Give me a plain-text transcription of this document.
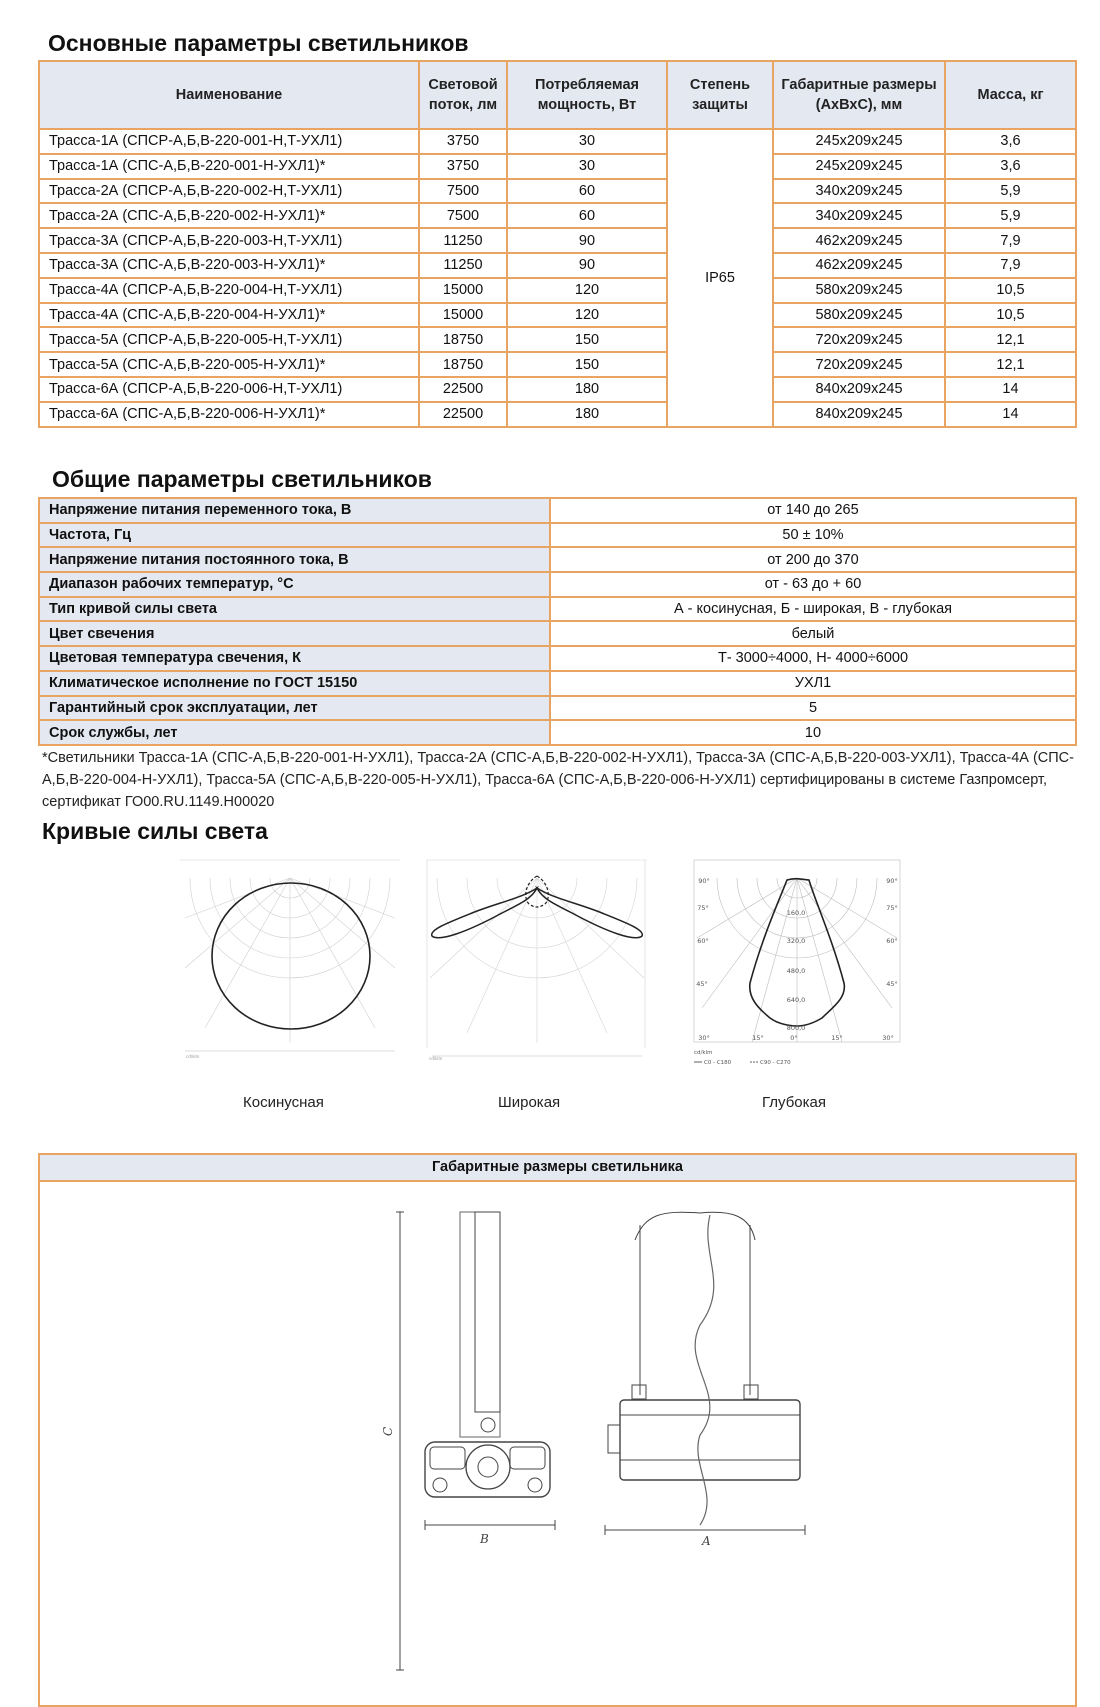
Основные параметры светильников
Наименование	Световой поток, лм	Потребляемая мощность, Вт	Степень защиты	Габаритные размеры (АхВхС), мм	Масса, кг
Трасса-1А (СПСР-А,Б,В-220-001-Н,Т-УХЛ1)	3750	30	IP65	245x209x245	3,6
Трасса-1А (СПС-А,Б,В-220-001-Н-УХЛ1)*	3750	30		245x209x245	3,6
Трасса-2А (СПСР-А,Б,В-220-002-Н,Т-УХЛ1)	7500	60		340x209x245	5,9
Трасса-2А (СПС-А,Б,В-220-002-Н-УХЛ1)*	7500	60		340x209x245	5,9
Трасса-3А (СПСР-А,Б,В-220-003-Н,Т-УХЛ1)	11250	90		462x209x245	7,9
Трасса-3А (СПС-А,Б,В-220-003-Н-УХЛ1)*	11250	90		462x209x245	7,9
Трасса-4А (СПСР-А,Б,В-220-004-Н,Т-УХЛ1)	15000	120		580x209x245	10,5
Трасса-4А (СПС-А,Б,В-220-004-Н-УХЛ1)*	15000	120		580x209x245	10,5
Трасса-5А (СПСР-А,Б,В-220-005-Н,Т-УХЛ1)	18750	150		720x209x245	12,1
Трасса-5А (СПС-А,Б,В-220-005-Н-УХЛ1)*	18750	150		720x209x245	12,1
Трасса-6А (СПСР-А,Б,В-220-006-Н,Т-УХЛ1)	22500	180		840x209x245	14
Трасса-6А (СПС-А,Б,В-220-006-Н-УХЛ1)*	22500	180		840x209x245	14
Общие параметры светильников
Напряжение питания переменного тока, В	от 140 до 265
Частота, Гц	50 ± 10%
Напряжение питания постоянного тока, В	от 200 до 370
Диапазон рабочих температур, °С	от - 63 до + 60
Тип кривой силы света	А - косинусная, Б - широкая, В - глубокая
Цвет свечения	белый
Цветовая температура свечения, К	Т- 3000÷4000, Н- 4000÷6000
Климатическое исполнение по ГОСТ 15150	УХЛ1
Гарантийный срок эксплуатации, лет	5
Срок службы, лет	10
*Светильники Трасса-1А (СПС-А,Б,В-220-001-Н-УХЛ1), Трасса-2А (СПС-А,Б,В-220-002-Н-УХЛ1), Трасса-3А (СПС-А,Б,В-220-003-УХЛ1), Трасса-4А (СПС-А,Б,В-220-004-Н-УХЛ1), Трасса-5А (СПС-А,Б,В-220-005-Н-УХЛ1), Трасса-6А (СПС-А,Б,В-220-006-Н-УХЛ1) сертифицированы в системе Газпромсерт, сертификат ГО00.RU.1149.Н00020
Кривые силы света
cd/klm	cd/klm
90°
75°
60°
45°
30°	15°	0°	15°	30°
90°
75°
60°
45°
160,0
320,0
480,0
640,0
800,0
cd/klm
C0 - C180	C90 - C270
Косинусная	Широкая	Глубокая
Габаритные размеры светильника
C
B	A
